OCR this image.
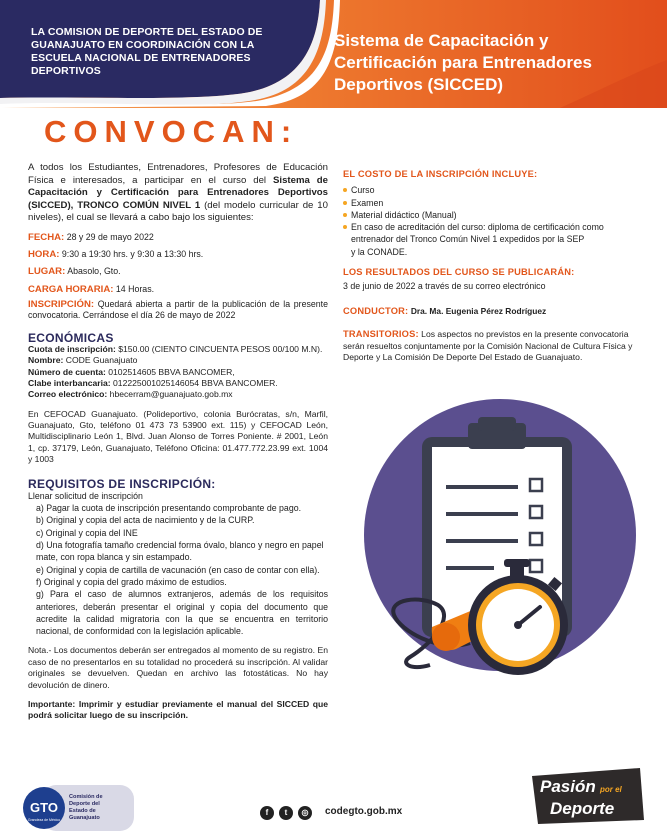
LA COMISION DE DEPORTE DEL ESTADO DE GUANAJUATO EN COORDINACIÓN CON LA ESCUELA NACIONAL DE ENTRENADORES DEPORTIVOS
Sistema de Capacitación y Certificación para Entrenadores Deportivos (SICCED)
CONVOCAN:

A todos los Estudiantes, Entrenadores, Profesores de Educación Física e interesados, a participar en el curso del Sistema de Capacitación y Certificación para Entrenadores Deportivos (SICCED), TRONCO COMÚN NIVEL 1 (del modelo curricular de 10 niveles), el cual se llevará a cabo bajo los siguientes:

FECHA: 28 y 29 de mayo 2022
HORA: 9:30 a 19:30 hrs. y 9:30 a 13:30 hrs.
LUGAR: Abasolo, Gto.
CARGA HORARIA: 14 Horas.

INSCRIPCIÓN: Quedará abierta a partir de la publicación de la presente convocatoria. Cerrándose el día 26 de mayo de 2022

ECONÓMICAS
Cuota de inscripción: $150.00 (CIENTO CINCUENTA PESOS 00/100 M.N).
Nombre: CODE Guanajuato
Número de cuenta: 0102514605 BBVA BANCOMER,
Clabe interbancaria: 012225001025146054 BBVA BANCOMER.
Correo electrónico: hbecerram@guanajuato.gob.mx

En CEFOCAD Guanajuato. (Polideportivo, colonia Burócratas, s/n, Marfil, Guanajuato, Gto, teléfono 01 473 73 53900 ext. 115) y CEFOCAD León, Multidisciplinario León 1, Blvd. Juan Alonso de Torres Poniente. # 2001, León 1, cp. 37179, León, Guanajuato, Teléfono Oficina: 01.477.772.23.99 ext. 1004 y 1003

REQUISITOS DE INSCRIPCIÓN:
Llenar solicitud de inscripción
a) Pagar la cuota de inscripción presentando comprobante de pago.
b) Original y copia del acta de nacimiento y de la CURP.
c) Original y copia del INE
d) Una fotografía tamaño credencial forma óvalo, blanco y negro en papel mate, con ropa blanca y sin estampado.
e) Original y copia de cartilla de vacunación (en caso de contar con ella).
f) Original y copia del grado máximo de estudios.
g) Para el caso de alumnos extranjeros, además de los requisitos anteriores, deberán presentar el original y copia del documento que acredite la calidad migratoria con la que se encuentra en territorio nacional, de conformidad con la legislación aplicable.

Nota.- Los documentos deberán ser entregados al momento de su registro. En caso de no presentarlos en su totalidad no procederá su inscripción. Al validar originales se devuelven. Quedan en archivo las fotostáticas. No hay devolución de dinero.

Importante: Imprimir y estudiar previamente el manual del SICCED que podrá solicitar luego de su inscripción.

EL COSTO DE LA INSCRIPCIÓN INCLUYE:
Curso
Examen
Material didáctico (Manual)
En caso de acreditación del curso: diploma de certificación como
entrenador del Tronco Común Nivel 1 expedidos por la SEP
y la CONADE.
LOS RESULTADOS DEL CURSO SE PUBLICARÁN:
3 de junio de 2022 a través de su correo electrónico
CONDUCTOR: Dra. Ma. Eugenia Pérez Rodríguez

TRANSITORIOS: Los aspectos no previstos en la presente convocatoria serán resueltos conjuntamente por la Comisión Nacional de Cultura Física y Deporte y La Comisión De Deporte Del Estado de Guanajuato.

GTO
Grandeza de México
Comisión de
Deporte del
Estado de
Guanajuato
f	t	◎	codegto.gob.mx
Pasión por el
Deporte
